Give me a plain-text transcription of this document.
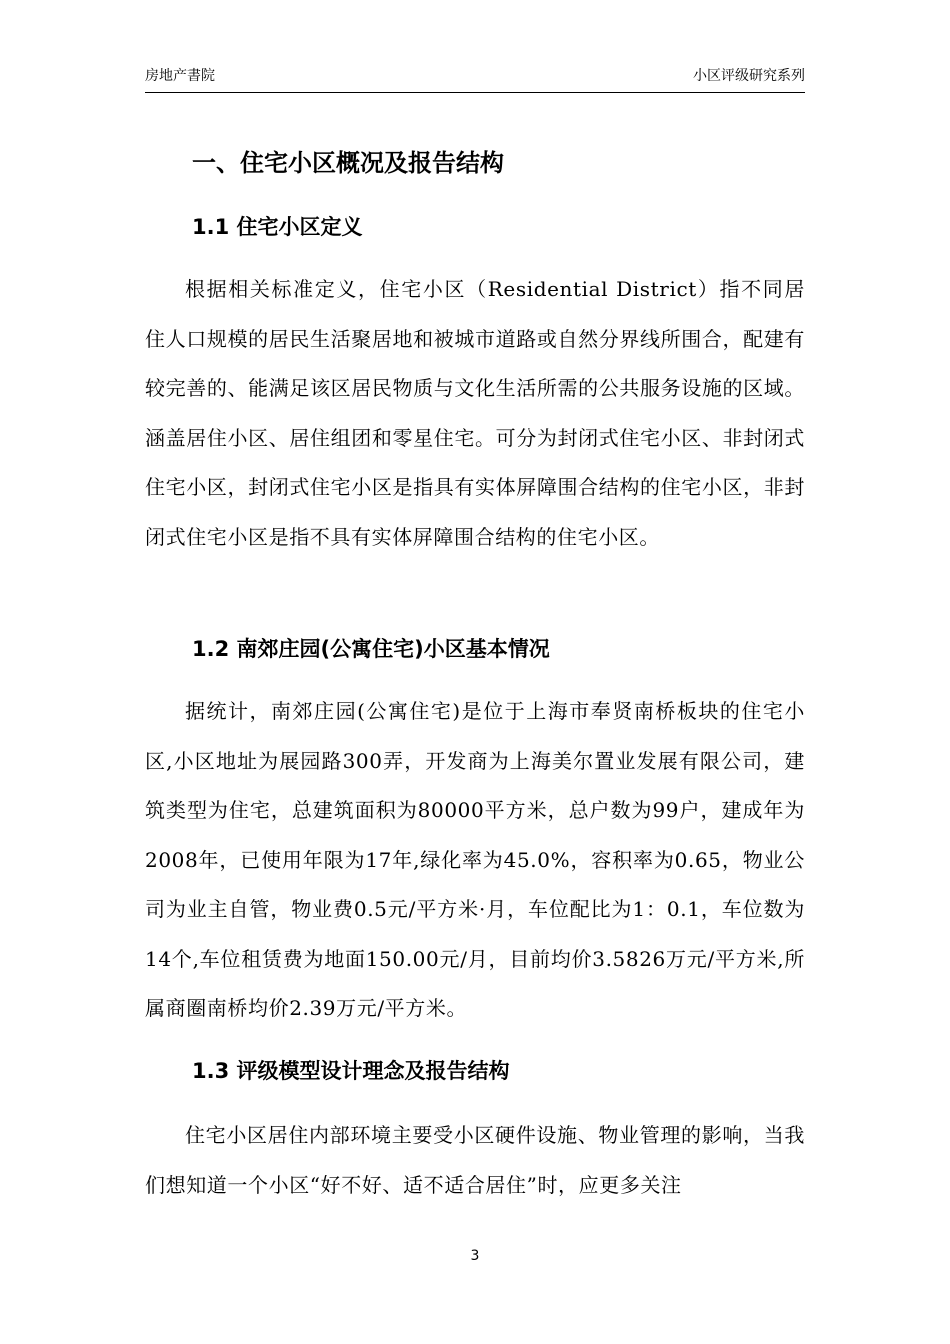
房地产書院	小区评级研究系列
一、住宅小区概况及报告结构
1.1 住宅小区定义

根据相关标准定义，住宅小区（Residential District）指不同居住人口规模的居民生活聚居地和被城市道路或自然分界线所围合，配建有较完善的、能满足该区居民物质与文化生活所需的公共服务设施的区域。涵盖居住小区、居住组团和零星住宅。可分为封闭式住宅小区、非封闭式住宅小区，封闭式住宅小区是指具有实体屏障围合结构的住宅小区，非封闭式住宅小区是指不具有实体屏障围合结构的住宅小区。

1.2 南郊庄园(公寓住宅)小区基本情况

据统计，南郊庄园(公寓住宅)是位于上海市奉贤南桥板块的住宅小区,小区地址为展园路300弄，开发商为上海美尔置业发展有限公司，建筑类型为住宅，总建筑面积为80000平方米，总户数为99户，建成年为2008年，已使用年限为17年,绿化率为45.0%，容积率为0.65，物业公司为业主自管，物业费0.5元/平方米·月，车位配比为1：0.1，车位数为14个,车位租赁费为地面150.00元/月，目前均价3.5826万元/平方米,所属商圈南桥均价2.39万元/平方米。

1.3 评级模型设计理念及报告结构

住宅小区居住内部环境主要受小区硬件设施、物业管理的影响，当我们想知道一个小区“好不好、适不适合居住”时，应更多关注

3
